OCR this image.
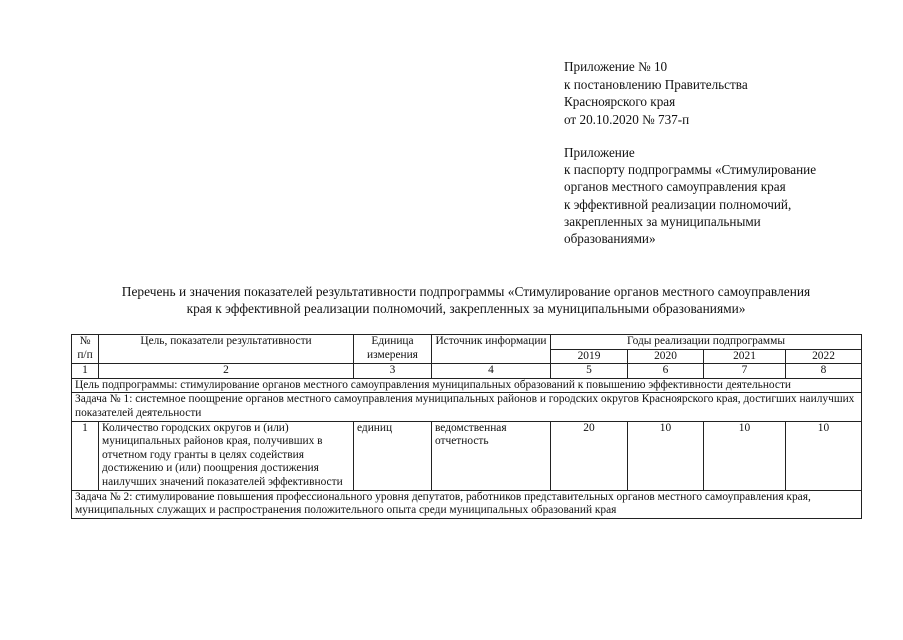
Приложение № 10
к постановлению Правительства
Красноярского края
от 20.10.2020 № 737-п
Приложение
к паспорту подпрограммы «Стимулирование
органов местного самоуправления края
к эффективной реализации полномочий,
закрепленных за муниципальными
образованиями»
Перечень и значения показателей результативности подпрограммы «Стимулирование органов местного самоуправления
края к эффективной реализации полномочий, закрепленных за муниципальными образованиями»
№ п/п	Цель, показатели результативности	Единица измерения	Источник информации	Годы реализации подпрограммы			
				2019	2020	2021	2022
1	2	3	4	5	6	7	8
Цель подпрограммы: стимулирование органов местного самоуправления муниципальных образований к повышению эффективности деятельности							
Задача № 1: системное поощрение органов местного самоуправления муниципальных районов и городских округов Красноярского края, достигших наилучших показателей деятельности							
1	Количество городских округов и (или) муниципальных районов края, получивших в отчетном году гранты в целях содействия достижению и (или) поощрения достижения наилучших значений показателей эффективности	единиц	ведомственная отчетность	20	10	10	10
Задача № 2: стимулирование повышения профессионального уровня депутатов, работников представительных органов местного самоуправления края, муниципальных служащих и распространения положительного опыта среди муниципальных образований края							
